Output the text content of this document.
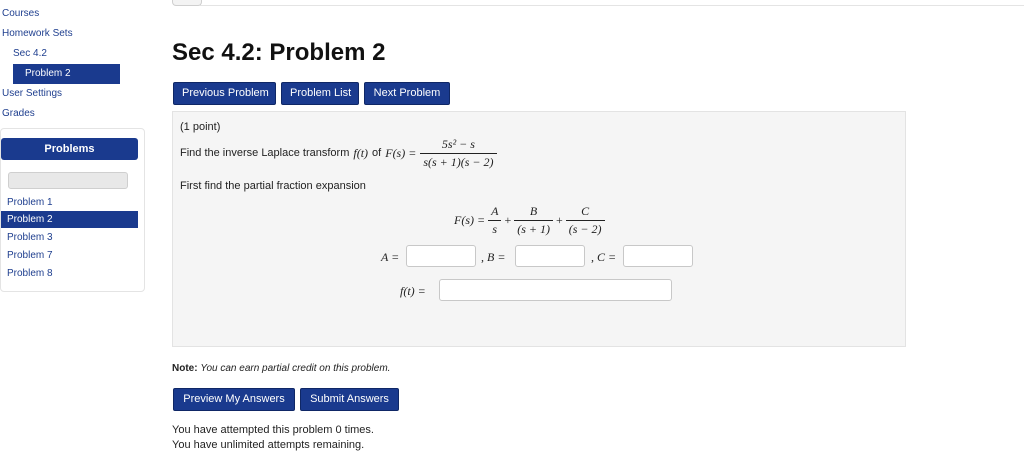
Courses
Homework Sets
Sec 4.2
Problem 2
User Settings
Grades
Problems
Problem 1
Problem 2
Problem 3
Problem 7
Problem 8
Sec 4.2: Problem 2
Previous Problem	Problem List	Next Problem
(1 point)
Find the inverse Laplace transform f(t) of $F(s) = \frac{\text{5s² − s}}{s(s + 1)(s - 2)}$
First find the partial fraction expansion
$F(s) = \frac{A}{s} + \frac{B}{(s + 1)} + \frac{C}{(s - 2)}$
A =	, B =	, C =
f(t) =
Note: You can earn partial credit on this problem.
Preview My Answers	Submit Answers
You have attempted this problem 0 times.
You have unlimited attempts remaining.
